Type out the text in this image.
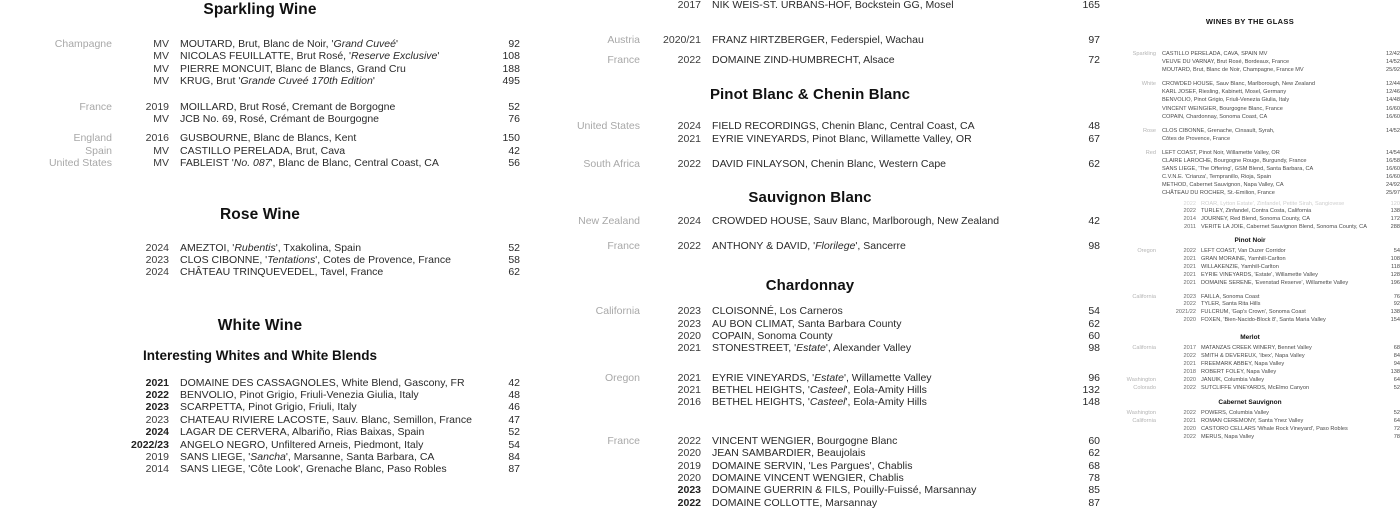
Sparkling Wine
Champagne	MV	MOUTARD, Brut, Blanc de Noir, 'Grand Cuveé'	92
	MV	NICOLAS FEUILLATTE, Brut Rosé, 'Reserve Exclusive'	108
	MV	PIERRE MONCUIT, Blanc de Blancs, Grand Cru	188
	MV	KRUG, Brut 'Grande Cuveé 170th Edition'	495

France	2019	MOILLARD, Brut Rosé, Cremant de Borgogne	52
	MV	JCB No. 69, Rosé, Crémant de Bourgogne	76

England	2016	GUSBOURNE, Blanc de Blancs, Kent	150
Spain	MV	CASTILLO PERELADA, Brut, Cava	42
United States	MV	FABLEIST 'No. 087', Blanc de Blanc, Central Coast, CA	56
Rose Wine
	2024	AMEZTOI, 'Rubentis', Txakolina, Spain	52
	2023	CLOS CIBONNE, 'Tentations', Cotes de Provence, France	58
	2024	CHÂTEAU TRINQUEVEDEL, Tavel, France	62
White Wine
Interesting Whites and White Blends
	2021	DOMAINE DES CASSAGNOLES, White Blend, Gascony, FR	42
	2022	BENVOLIO, Pinot Grigio, Friuli-Venezia Giulia, Italy	48
	2023	SCARPETTA, Pinot Grigio, Friuli, Italy	46
	2023	CHATEAU RIVIERE LACOSTE, Sauv. Blanc, Semillon, France	47
	2024	LAGAR DE CERVERA, Albariño, Rias Baixas, Spain	52
	2022/23	ANGELO NEGRO, Unfiltered Arneis, Piedmont, Italy	54
	2019	SANS LIEGE, 'Sancha', Marsanne, Santa Barbara, CA	84
	2014	SANS LIEGE, 'Côte Look', Grenache Blanc, Paso Robles	87
	2017	NIK WEIS-ST. URBANS-HOF, Bockstein GG, Mosel	165

Austria	2020/21	FRANZ HIRTZBERGER, Federspiel, Wachau	97

France	2022	DOMAINE ZIND-HUMBRECHT, Alsace	72
Pinot Blanc & Chenin Blanc
United States	2024	FIELD RECORDINGS, Chenin Blanc, Central Coast, CA	48
	2021	EYRIE VINEYARDS, Pinot Blanc, Willamette Valley, OR	67

South Africa	2022	DAVID FINLAYSON, Chenin Blanc, Western Cape	62
Sauvignon Blanc
New Zealand	2024	CROWDED HOUSE, Sauv Blanc, Marlborough, New Zealand	42

France	2022	ANTHONY & DAVID, 'Florilege', Sancerre	98
Chardonnay
California	2023	CLOISONNÉ, Los Carneros	54
	2023	AU BON CLIMAT, Santa Barbara County	62
	2020	COPAIN, Sonoma County	60
	2021	STONESTREET, 'Estate', Alexander Valley	98

Oregon	2021	EYRIE VINEYARDS, 'Estate', Willamette Valley	96
	2021	BETHEL HEIGHTS, 'Casteel', Eola-Amity Hills	132
	2016	BETHEL HEIGHTS, 'Casteel', Eola-Amity Hills	148

France	2022	VINCENT WENGIER, Bourgogne Blanc	60
	2020	JEAN SAMBARDIER, Beaujolais	62
	2019	DOMAINE SERVIN, 'Les Pargues', Chablis	68
	2020	DOMAINE VINCENT WENGIER, Chablis	78
	2023	DOMAINE GUERRIN & FILS, Pouilly-Fuissé, Marsannay	85
	2022	DOMAINE COLLOTTE, Marsannay	87
WINES BY THE GLASS
Sparkling	CASTILLO PERELADA, CAVA, SPAIN MV	12/42
	VEUVE DU VARNAY, Brut Rosé, Bordeaux, France	14/52
	MOUTARD, Brut, Blanc de Noir, Champagne, France MV	25/92

White	CROWDED HOUSE, Sauv Blanc, Marlborough, New Zealand	12/44
	KARL JOSEF, Riesling, Kabinett, Mosel, Germany	12/46
	BENVOLIO, Pinot Grigio, Friuli-Venezia Giulia, Italy	14/48
	VINCENT WEINGIER, Bourgogne Blanc, France	16/60
	COPAIN, Chardonnay, Sonoma Coast, CA	16/60

Rose	CLOS CIBONNE, Grenache, Cinsault, Syrah,	14/52
	Côtes de Provence, France	

Red	LEFT COAST, Pinot Noir, Willamette Valley, OR	14/54
	CLAIRE LAROCHE, Bourgogne Rouge, Burgundy, France	16/58
	SANS LIEGE, 'The Offering', GSM Blend, Santa Barbara, CA	16/60
	C.V.N.E. 'Crianza', Tempranillo, Rioja, Spain	16/60
	METHOD, Cabernet Sauvignon, Napa Valley, CA	24/92
	CHÂTEAU DU ROCHER, St.-Emilion, France	25/97
	2022	ROAR, Lytton Estate', Zinfandel, Petite Sirah, Sangiovese	120
	2022	TURLEY, Zinfandel, Contra Costa, California	138
	2014	JOURNEY, Red Blend, Sonoma County, CA	172
	2011	VERITE LA JOIE, Cabernet Sauvignon Blend, Sonoma County, CA	288
Pinot Noir
Oregon	2022	LEFT COAST, Van Duzer Corridor	54
	2021	GRAN MORAINE, Yamhill-Carlton	108
	2021	WILLAKENZIE, Yamhill-Carlton	118
	2021	EYRIE VINEYARDS, 'Estate', Willamette Valley	128
	2021	DOMAINE SERENE, 'Evenstad Reserve', Willamette Valley	196

California	2023	FAILLA, Sonoma Coast	76
	2022	TYLER, Santa Rita Hills	92
	2021/22	FULCRUM, 'Gap's Crown', Sonoma Coast	138
	2020	FOXEN, 'Bien-Nacido-Block 8', Santa Maria Valley	154
Merlot
California	2017	MATANZAS CREEK WINERY, Bennet Valley	68
	2022	SMITH & DEVEREUX, 'Ibex', Napa Valley	84
	2021	FREEMARK ABBEY, Napa Valley	94
	2018	ROBERT FOLEY, Napa Valley	138
Washington	2020	JANUIK, Columbia Valley	64
Colorado	2022	SUTCLIFFE VINEYARDS, McElmo Canyon	52
Cabernet Sauvignon
Washington	2022	POWERS, Columbia Valley	52
California	2021	ROMAN CEREMONY, Santa Ynez Valley	64
	2020	CASTORO CELLARS 'Whale Rock Vineyard', Paso Robles	72
	2022	MERUS, Napa Valley	78
